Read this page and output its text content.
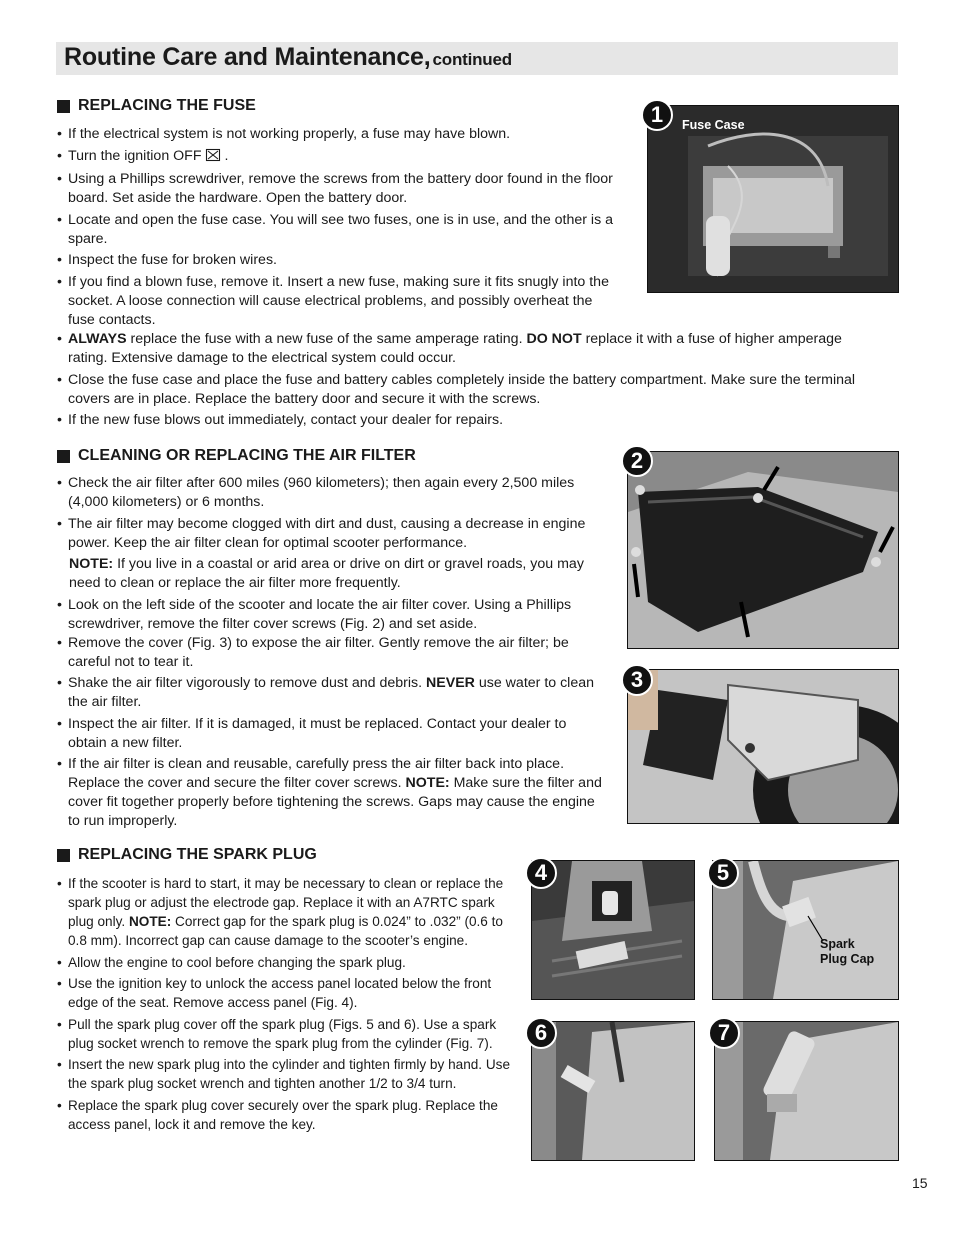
Routine Care and Maintenance, continued
REPLACING THE FUSE
• If the electrical system is not working properly, a fuse may have blown.
• Turn the ignition OFF .
• Using a Phillips screwdriver, remove the screws from the battery door found in the floor board. Set aside the hardware. Open the battery door.
• Locate and open the fuse case. You will see two fuses, one is in use, and the other is a spare.
• Inspect the fuse for broken wires.
• If you find a blown fuse, remove it. Insert a new fuse, making sure it fits snugly into the socket. A loose connection will cause electrical problems, and possibly overheat the fuse contacts.
• ALWAYS replace the fuse with a new fuse of the same amperage rating. DO NOT replace it with a fuse of higher amperage rating. Extensive damage to the electrical system could occur.
• Close the fuse case and place the fuse and battery cables completely inside the battery compartment. Make sure the terminal covers are in place. Replace the battery door and secure it with the screws.
• If the new fuse blows out immediately, contact your dealer for repairs.
Fuse Case
1
CLEANING OR REPLACING THE AIR FILTER
• Check the air filter after 600 miles (960 kilometers); then again every 2,500 miles (4,000 kilometers) or 6 months.
• The air filter may become clogged with dirt and dust, causing a decrease in engine power. Keep the air filter clean for optimal scooter performance.
NOTE: If you live in a coastal or arid area or drive on dirt or gravel roads, you may need to clean or replace the air filter more frequently.
• Look on the left side of the scooter and locate the air filter cover. Using a Phillips screwdriver, remove the filter cover screws (Fig. 2) and set aside.
• Remove the cover (Fig. 3) to expose the air filter. Gently remove the air filter; be careful not to tear it.
• Shake the air filter vigorously to remove dust and debris. NEVER use water to clean the air filter.
• Inspect the air filter. If it is damaged, it must be replaced. Contact your dealer to obtain a new filter.
• If the air filter is clean and reusable, carefully press the air filter back into place. Replace the cover and secure the filter cover screws. NOTE: Make sure the filter and cover fit together properly before tightening the screws. Gaps may cause the engine to run improperly.
2
3
REPLACING THE SPARK PLUG
• If the scooter is hard to start, it may be necessary to clean or replace the spark plug or adjust the electrode gap. Replace it with an A7RTC spark plug only. NOTE: Correct gap for the spark plug is 0.024” to .032” (0.6 to 0.8 mm). Incorrect gap can cause damage to the scooter’s engine.
• Allow the engine to cool before changing the spark plug.
• Use the ignition key to unlock the access panel located below the front edge of the seat. Remove access panel (Fig. 4).
• Pull the spark plug cover off the spark plug (Figs. 5 and 6). Use a spark plug socket wrench to remove the spark plug from the cylinder (Fig. 7).
• Insert the new spark plug into the cylinder and tighten firmly by hand. Use the spark plug socket wrench and tighten another 1/2 to 3/4 turn.
• Replace the spark plug cover securely over the spark plug. Replace the access panel, lock it and remove the key.
4
Spark
Plug Cap
5
6	7
15
